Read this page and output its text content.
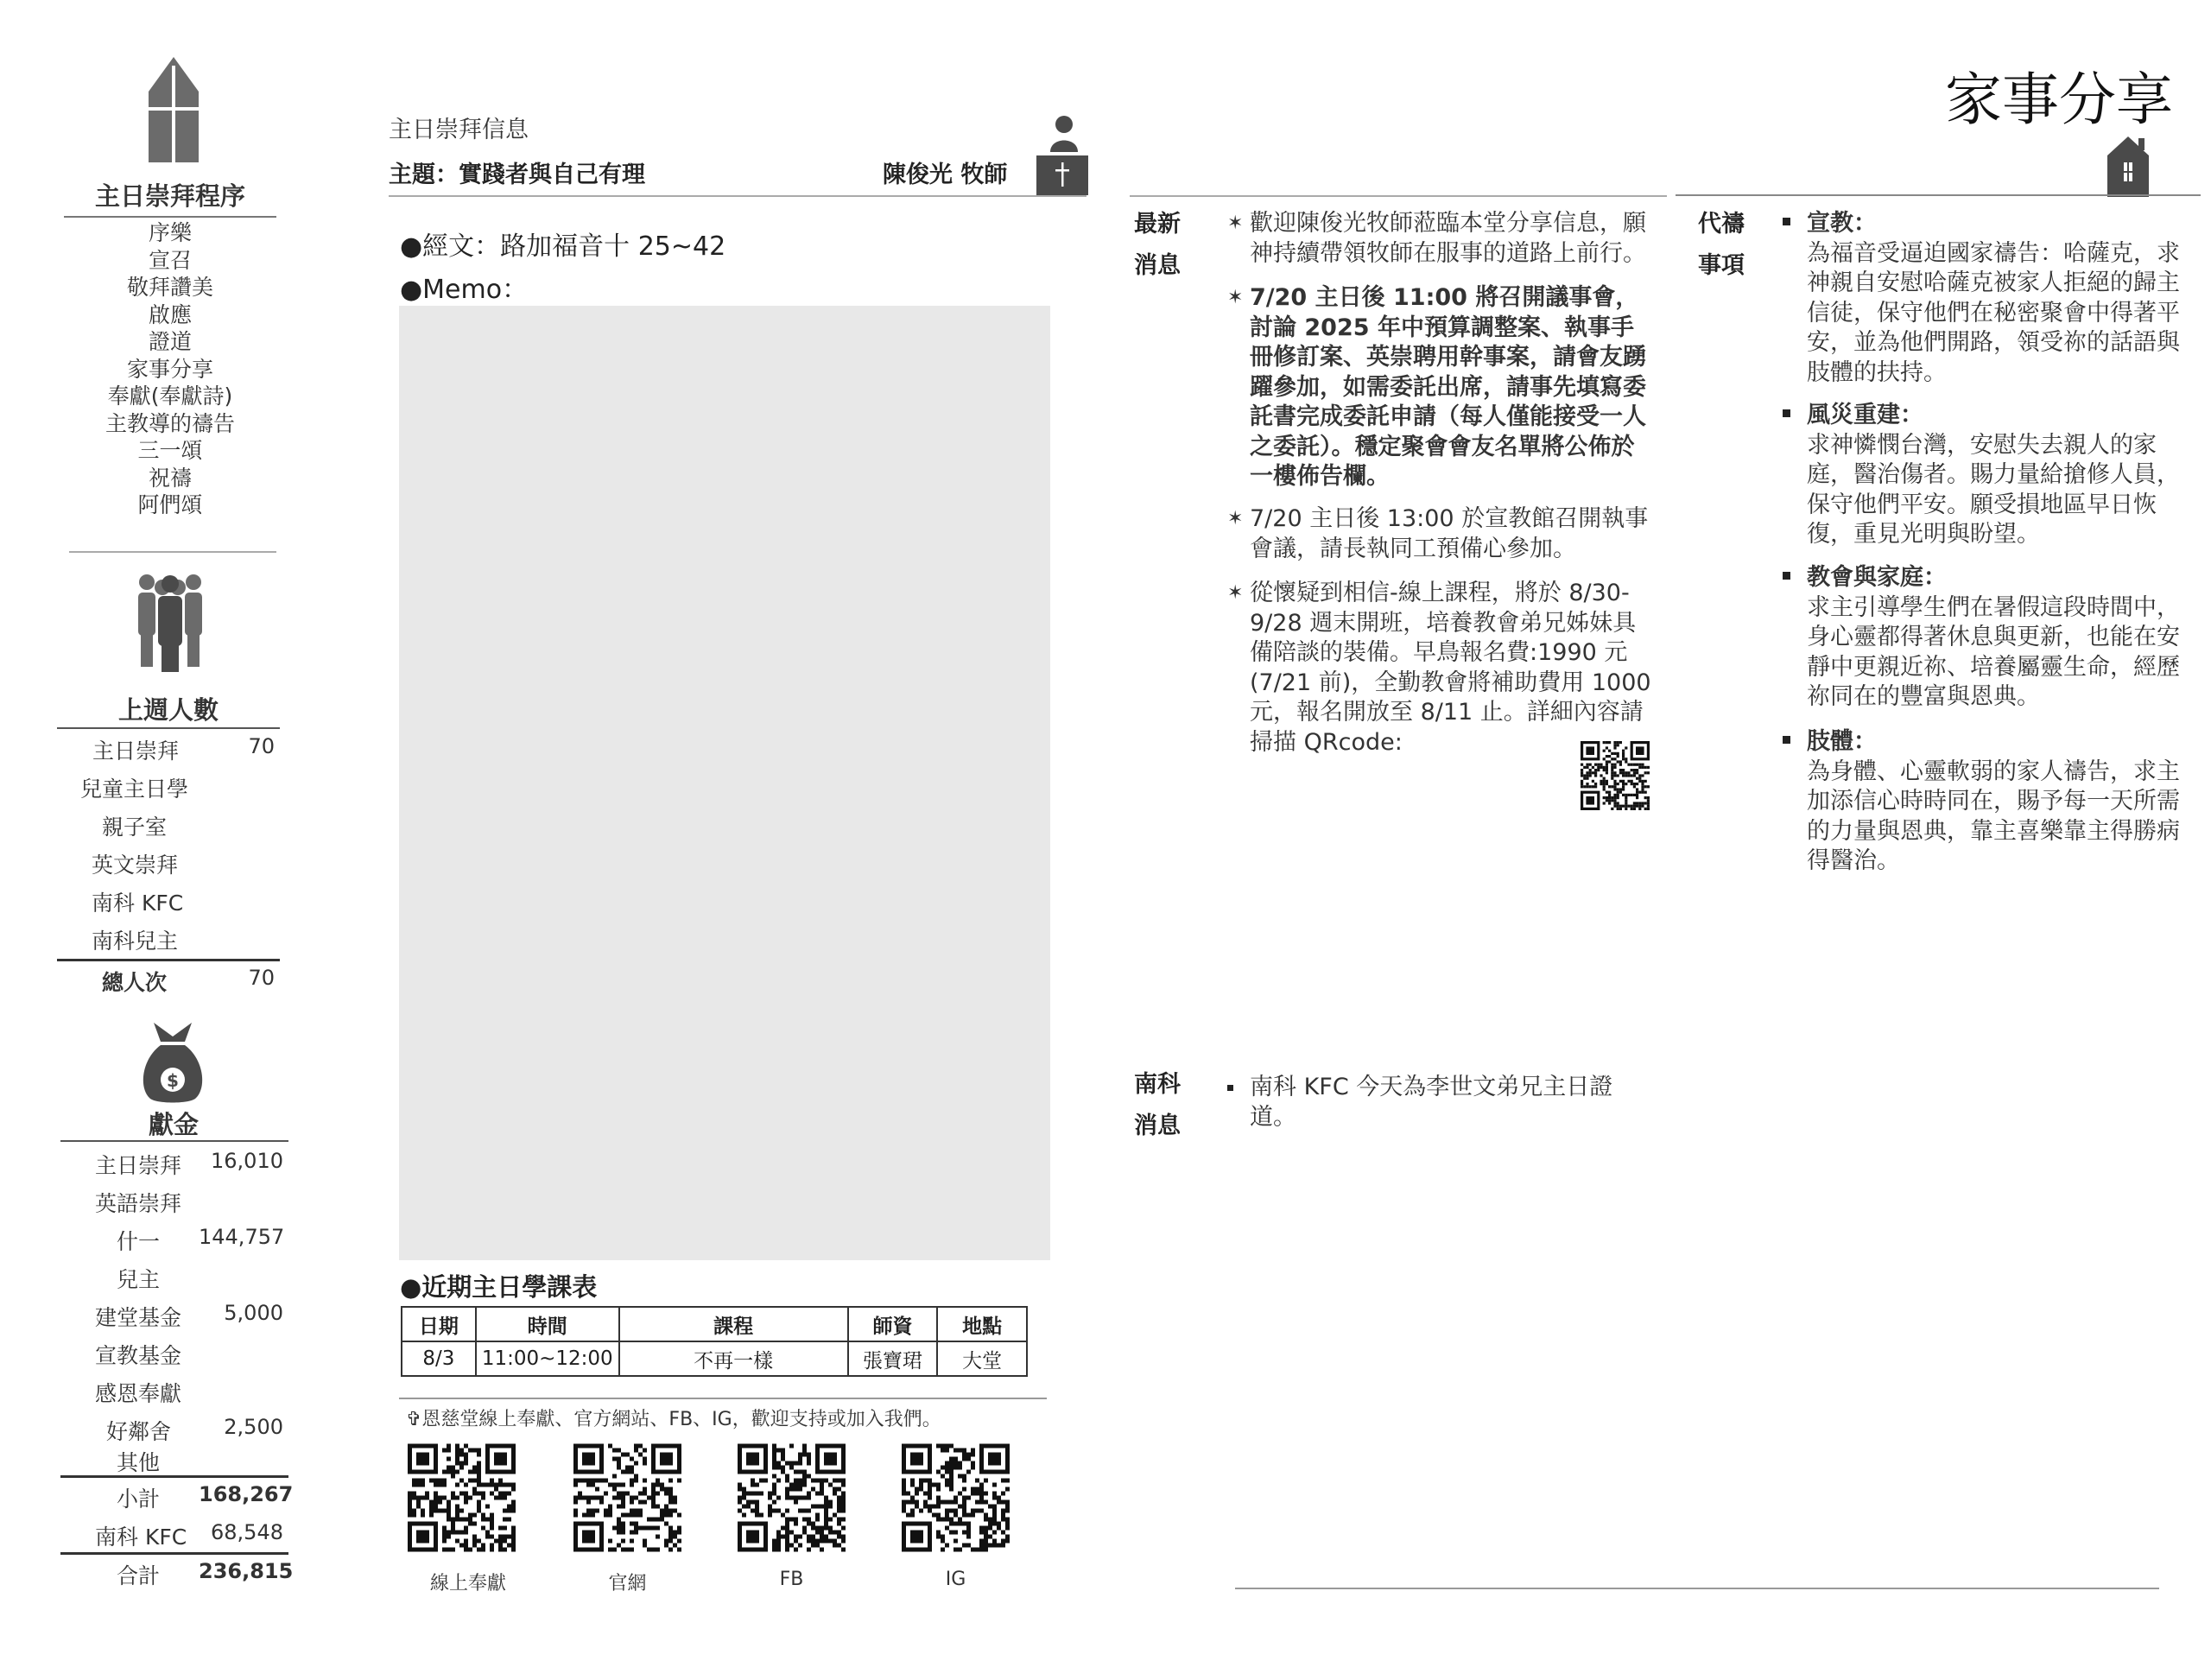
主日崇拜程序
序樂
宣召
敬拜讚美
啟應
證道
家事分享
奉獻(奉獻詩)
主教導的禱告
三一頌
祝禱
阿們頌
上週人數
主日崇拜	70
兒童主日學
親子室
英文崇拜
南科 KFC
南科兒主
總人次	70
$
獻金
主日崇拜	16,010
英語崇拜
什一 144,757
兒主
建堂基金	5,000
宣教基金
感恩奉獻
好鄰舍	2,500
其他
小計 168,267
南科 KFC	68,548
合計 236,815
主日崇拜信息
主題：實踐者與自己有理	陳俊光 牧師
●經文：路加福音十 25~42
●Memo：
●近期主日學課表
日期	時間	課程	師資	地點
8/3	11:00~12:00	不再一樣	張寶珺	大堂
✞恩慈堂線上奉獻、官方網站、FB、IG，歡迎支持或加入我們。
線上奉獻	官網	FB	IG
家事分享
最新
消息
✶ 歡迎陳俊光牧師蒞臨本堂分享信息，願神持續帶領牧師在服事的道路上前行。
✶ 7/20 主日後 11:00 將召開議事會，討論 2025 年中預算調整案、執事手冊修訂案、英崇聘用幹事案，請會友踴躍參加，如需委託出席，請事先填寫委託書完成委託申請（每人僅能接受一人之委託）。穩定聚會會友名單將公佈於一樓佈告欄。
✶ 7/20 主日後 13:00 於宣教館召開執事會議，請長執同工預備心參加。
✶ 從懷疑到相信-線上課程，將於 8/30-9/28 週末開班，培養教會弟兄姊妹具備陪談的裝備。早鳥報名費:1990 元(7/21 前)，全勤教會將補助費用 1000 元，報名開放至 8/11 止。詳細內容請掃描 QRcode:
南科
消息
南科 KFC 今天為李世文弟兄主日證道。
代禱
事項
宣教：
為福音受逼迫國家禱告：哈薩克，求神親自安慰哈薩克被家人拒絕的歸主信徒，保守他們在秘密聚會中得著平安，並為他們開路，領受祢的話語與肢體的扶持。
風災重建：
求神憐憫台灣，安慰失去親人的家庭，醫治傷者。賜力量給搶修人員，保守他們平安。願受損地區早日恢復，重見光明與盼望。
教會與家庭：
求主引導學生們在暑假這段時間中，身心靈都得著休息與更新，也能在安靜中更親近祢、培養屬靈生命，經歷祢同在的豐富與恩典。
肢體：
為身體、心靈軟弱的家人禱告，求主加添信心時時同在，賜予每一天所需的力量與恩典，靠主喜樂靠主得勝病得醫治。
